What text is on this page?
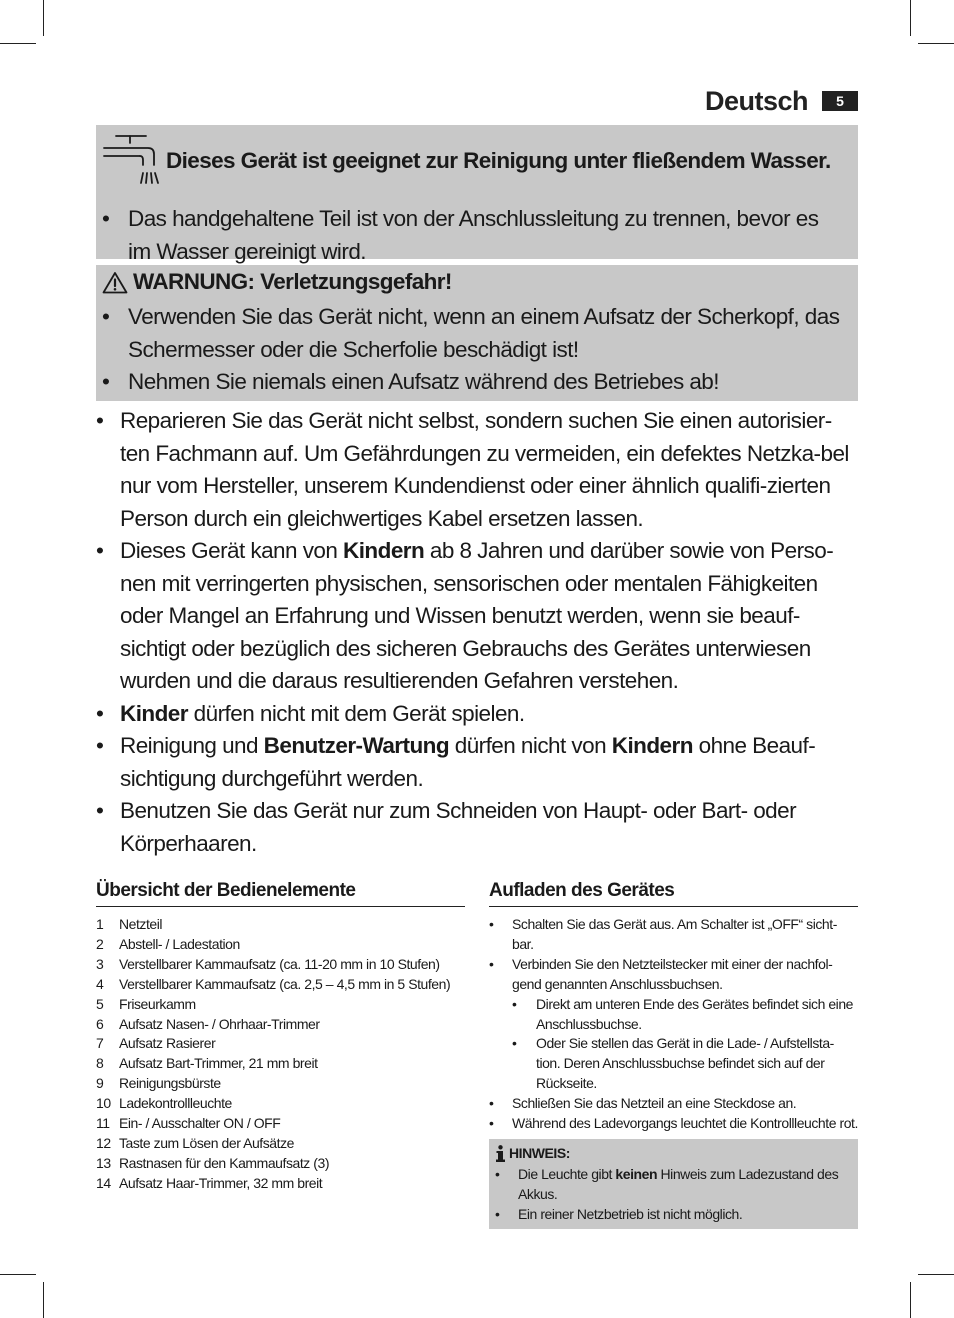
Deutsch	5
Dieses Gerät ist geeignet zur Reinigung unter fließendem Wasser.
• Das handgehaltene Teil ist von der Anschlussleitung zu trennen, bevor es im Wasser gereinigt wird.
WARNUNG: Verletzungsgefahr!
• Verwenden Sie das Gerät nicht, wenn an einem Aufsatz der Scherkopf, das Schermesser oder die Scherfolie beschädigt ist!
• Nehmen Sie niemals einen Aufsatz während des Betriebes ab!
• Reparieren Sie das Gerät nicht selbst, sondern suchen Sie einen autorisier-ten Fachmann auf. Um Gefährdungen zu vermeiden, ein defektes Netzka-bel nur vom Hersteller, unserem Kundendienst oder einer ähnlich qualifi-zierten Person durch ein gleichwertiges Kabel ersetzen lassen.
• Dieses Gerät kann von Kindern ab 8 Jahren und darüber sowie von Perso-nen mit verringerten physischen, sensorischen oder mentalen Fähigkeiten oder Mangel an Erfahrung und Wissen benutzt werden, wenn sie beauf-sichtigt oder bezüglich des sicheren Gebrauchs des Gerätes unterwiesen wurden und die daraus resultierenden Gefahren verstehen.
• Kinder dürfen nicht mit dem Gerät spielen.
• Reinigung und Benutzer-Wartung dürfen nicht von Kindern ohne Beauf-sichtigung durchgeführt werden.
• Benutzen Sie das Gerät nur zum Schneiden von Haupt- oder Bart- oder Körperhaaren.
Übersicht der Bedienelemente
1	Netzteil
2	Abstell- / Ladestation
3	Verstellbarer Kammaufsatz (ca. 11-20 mm in 10 Stufen)
4	Verstellbarer Kammaufsatz (ca. 2,5 – 4,5 mm in 5 Stufen)
5	Friseurkamm
6	Aufsatz Nasen- / Ohrhaar-Trimmer
7	Aufsatz Rasierer
8	Aufsatz Bart-Trimmer, 21 mm breit
9	Reinigungsbürste
10 Ladekontrollleuchte
11 Ein- / Ausschalter ON / OFF
12 Taste zum Lösen der Aufsätze
13 Rastnasen für den Kammaufsatz (3)
14 Aufsatz Haar-Trimmer, 32 mm breit
Aufladen des Gerätes
• Schalten Sie das Gerät aus. Am Schalter ist „OFF“ sicht-bar.
• Verbinden Sie den Netzteilstecker mit einer der nachfol-gend genannten Anschlussbuchsen.
• Direkt am unteren Ende des Gerätes befindet sich eine Anschlussbuchse.
• Oder Sie stellen das Gerät in die Lade- / Aufstellsta-tion. Deren Anschlussbuchse befindet sich auf der Rückseite.
• Schließen Sie das Netzteil an eine Steckdose an.
• Während des Ladevorgangs leuchtet die Kontrollleuchte rot.
HINWEIS:
• Die Leuchte gibt keinen Hinweis zum Ladezustand des Akkus.
• Ein reiner Netzbetrieb ist nicht möglich.
